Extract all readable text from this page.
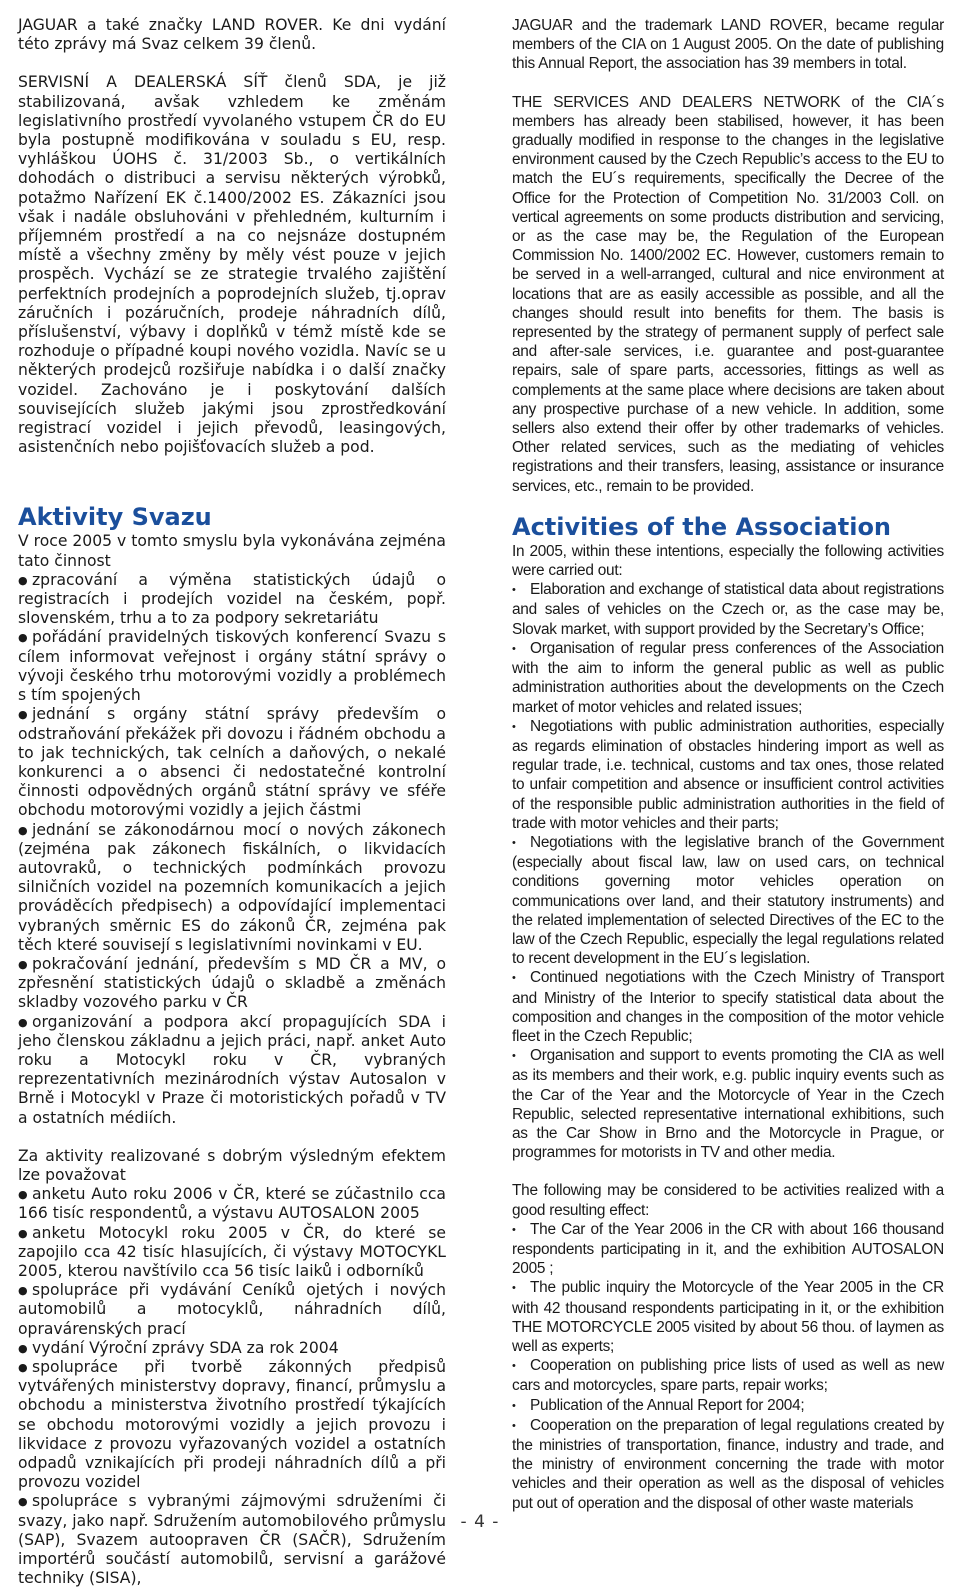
JAGUAR a také značky LAND ROVER. Ke dni vydání této zprávy má Svaz celkem 39 členů.

SERVISNÍ A DEALERSKÁ SÍŤ členů SDA, je již stabilizovaná, avšak vzhledem ke změnám legislativního prostředí vyvolaného vstupem ČR do EU byla postupně modifikována v souladu s EU, resp. vyhláškou ÚOHS č. 31/2003 Sb., o vertikálních dohodách o distribuci a servisu některých výrobků, potažmo Nařízení EK č.1400/2002 ES. Zákazníci jsou však i nadále obsluhováni v přehledném, kulturním i příjemném prostředí a na co nejsnáze dostupném místě a všechny změny by měly vést pouze v jejich prospěch. Vychází se ze strategie trvalého zajištění perfektních prodejních a poprodejních služeb, tj.oprav záručních i pozáručních, prodeje náhradních dílů, příslušenství, výbavy i doplňků v témž místě kde se rozhoduje o případné koupi nového vozidla. Navíc se u některých prodejců rozšiřuje nabídka i o další značky vozidel. Zachováno je i poskytování dalších souvisejících služeb jakými jsou zprostředkování registrací vozidel i jejich převodů, leasingových, asistenčních nebo pojišťovacích služeb a pod.

Aktivity Svazu

V roce 2005 v tomto smyslu byla vykonávána zejména tato činnost

● zpracování a výměna statistických údajů o registracích i prodejích vozidel na českém, popř. slovenském, trhu a to za podpory sekretariátu
● pořádání pravidelných tiskových konferencí Svazu s cílem informovat veřejnost i orgány státní správy o vývoji českého trhu motorovými vozidly a problémech s tím spojených
● jednání s orgány státní správy především o odstraňování překážek při dovozu i řádném obchodu a to jak technických, tak celních a daňových, o nekalé konkurenci a o absenci či nedostatečné kontrolní činnosti odpovědných orgánů státní správy ve sféře obchodu motorovými vozidly a jejich částmi
● jednání se zákonodárnou mocí o nových zákonech (zejména pak zákonech fiskálních, o likvidacích autovraků, o technických podmínkách provozu silničních vozidel na pozemních komunikacích a jejich prováděcích předpisech) a odpovídající implementaci vybraných směrnic ES do zákonů ČR, zejména pak těch které souvisejí s legislativními novinkami v EU.
● pokračování jednání, především s MD ČR a MV, o zpřesnění statistických údajů o skladbě a změnách skladby vozového parku v ČR
● organizování a podpora akcí propagujících SDA i jeho členskou základnu a jejich práci, např. anket Auto roku a Motocykl roku v ČR, vybraných reprezentativních mezinárodních výstav Autosalon v Brně i Motocykl v Praze či motoristických pořadů v TV a ostatních médiích.

Za aktivity realizované s dobrým výsledným efektem lze považovat

● anketu Auto roku 2006 v ČR, které se zúčastnilo cca 166 tisíc respondentů, a výstavu AUTOSALON 2005
● anketu Motocykl roku 2005 v ČR, do které se zapojilo cca 42 tisíc hlasujících, či výstavy MOTOCYKL 2005, kterou navštívilo cca 56 tisíc laiků i odborníků
● spolupráce při vydávání Ceníků ojetých i nových automobilů a motocyklů, náhradních dílů, opravárenských prací
● vydání Výroční zprávy SDA za rok 2004
● spolupráce při tvorbě zákonných předpisů vytvářených ministerstvy dopravy, financí, průmyslu a obchodu a ministerstva životního prostředí týkajících se obchodu motorovými vozidly a jejich provozu i likvidace z provozu vyřazovaných vozidel a ostatních odpadů vznikajících při prodeji náhradních dílů a při provozu vozidel
● spolupráce s vybranými zájmovými sdruženími či svazy, jako např. Sdružením automobilového průmyslu (SAP), Svazem autoopraven ČR (SAČR), Sdružením importérů součástí automobilů, servisní a garážové techniky (SISA),

JAGUAR and the trademark LAND ROVER, became regular members of the CIA on 1 August 2005. On the date of publishing this Annual Report, the association has 39 members in total.

THE SERVICES AND DEALERS NETWORK of the CIA´s members has already been stabilised, however, it has been gradually modified in response to the changes in the legislative environment caused by the Czech Republic’s access to the EU to match the EU´s requirements, specifically the Decree of the Office for the Protection of Competition No. 31/2003 Coll. on vertical agreements on some products distribution and servicing, or as the case may be, the Regulation of the European Commission No. 1400/2002 EC. However, customers remain to be served in a well-arranged, cultural and nice environment at locations that are as easily accessible as possible, and all the changes should result into benefits for them. The basis is represented by the strategy of permanent supply of perfect sale and after-sale services, i.e. guarantee and post-guarantee repairs, sale of spare parts, accessories, fittings as well as complements at the same place where decisions are taken about any prospective purchase of a new vehicle. In addition, some sellers also extend their offer by other trademarks of vehicles. Other related services, such as the mediating of vehicles registrations and their transfers, leasing, assistance or insurance services, etc., remain to be provided.

Activities of the Association

In 2005, within these intentions, especially the following activities were carried out:

• Elaboration and exchange of statistical data about registrations and sales of vehicles on the Czech or, as the case may be, Slovak market, with support provided by the Secretary’s Office;
• Organisation of regular press conferences of the Association with the aim to inform the general public as well as public administration authorities about the developments on the Czech market of motor vehicles and related issues;
• Negotiations with public administration authorities, especially as regards elimination of obstacles hindering import as well as regular trade, i.e. technical, customs and tax ones, those related to unfair competition and absence or insufficient control activities of the responsible public administration authorities in the field of trade with motor vehicles and their parts;
• Negotiations with the legislative branch of the Government (especially about fiscal law, law on used cars, on technical conditions governing motor vehicles operation on communications over land, and their statutory instruments) and the related implementation of selected Directives of the EC to the law of the Czech Republic, especially the legal regulations related to recent development in the EU´s legislation.
• Continued negotiations with the Czech Ministry of Transport and Ministry of the Interior to specify statistical data about the composition and changes in the composition of the motor vehicle fleet in the Czech Republic;
• Organisation and support to events promoting the CIA as well as its members and their work, e.g. public inquiry events such as the Car of the Year and the Motorcycle of Year in the Czech Republic, selected representative international exhibitions, such as the Car Show in Brno and the Motorcycle in Prague, or programmes for motorists in TV and other media.

The following may be considered to be activities realized with a good resulting effect:

• The Car of the Year 2006 in the CR with about 166 thousand respondents participating in it, and the exhibition AUTOSALON 2005 ;
• The public inquiry the Motorcycle of the Year 2005 in the CR with 42 thousand respondents participating in it, or the exhibition THE MOTORCYCLE 2005 visited by about 56 thou. of laymen as well as experts;
• Cooperation on publishing price lists of used as well as new cars and motorcycles, spare parts, repair works;
• Publication of the Annual Report for 2004;
• Cooperation on the preparation of legal regulations created by the ministries of transportation, finance, industry and trade, and the ministry of environment concerning the trade with motor vehicles and their operation as well as the disposal of vehicles put out of operation and the disposal of other waste materials
- 4 -
